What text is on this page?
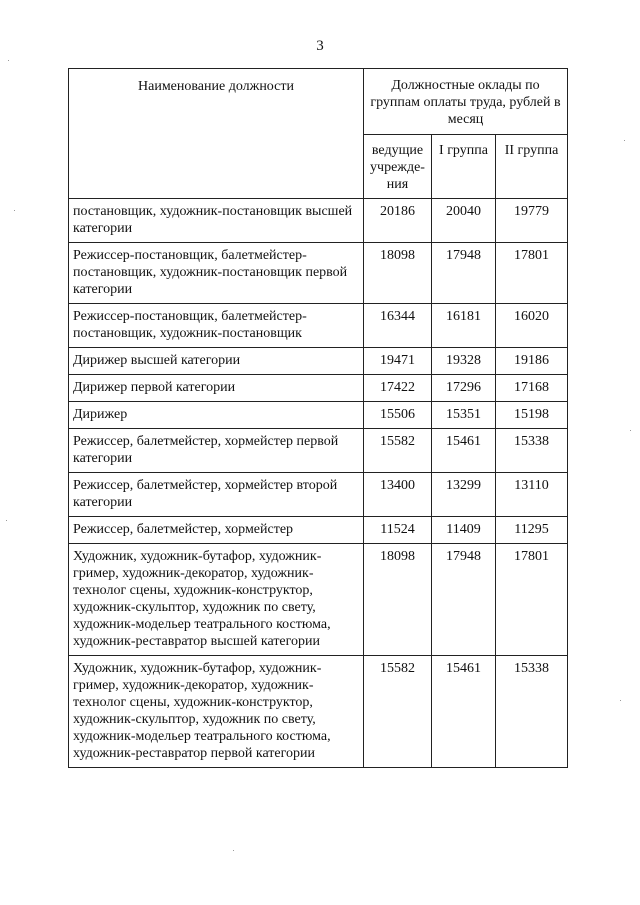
3
Наименование должности	Должностные оклады по группам оплаты труда, рублей в месяц		
	ведущие учрежде-ния	I группа	II группа
постановщик, художник-постановщик высшей категории	20186	20040	19779
Режиссер-постановщик, балетмейстер-постановщик, художник-постановщик первой категории	18098	17948	17801
Режиссер-постановщик, балетмейстер-постановщик, художник-постановщик	16344	16181	16020
Дирижер высшей категории	19471	19328	19186
Дирижер первой категории	17422	17296	17168
Дирижер	15506	15351	15198
Режиссер, балетмейстер, хормейстер первой категории	15582	15461	15338
Режиссер, балетмейстер, хормейстер второй категории	13400	13299	13110
Режиссер, балетмейстер, хормейстер	11524	11409	11295
Художник, художник-бутафор, художник-гример, художник-декоратор, художник-технолог сцены, художник-конструктор, художник-скульптор, художник по свету, художник-модельер театрального костюма, художник-реставратор высшей категории	18098	17948	17801
Художник, художник-бутафор, художник-гример, художник-декоратор, художник-технолог сцены, художник-конструктор, художник-скульптор, художник по свету, художник-модельер театрального костюма, художник-реставратор первой категории	15582	15461	15338
